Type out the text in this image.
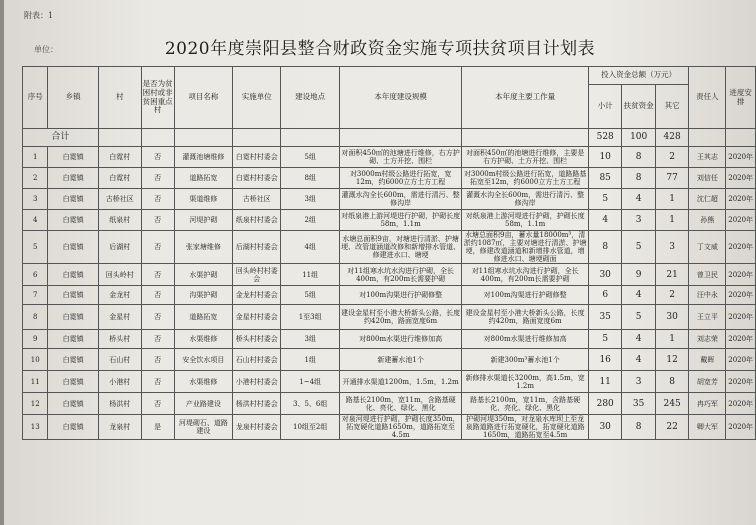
附表：1
2020年度崇阳县整合财政资金实施专项扶贫项目计划表
单位：
序号	乡镇	村	是否为贫困村或非贫困重点村	项目名称	实施单位	建设地点	本年度建设规模	本年度主要工作量	投入资金总额（万元）			责任人	进度安排
									小计	扶贫资金	其它		
合计									528	100	428		
1	白霓镇	白霓村	否	灌溉池塘维修	白霓村村委会	5组	对面积450㎡的池塘进行维修，右方护砌、土方开挖、围栏	对面积450㎡的池塘进行维修，主要是右方护砌、土方开挖、围栏	10	8	2	王其志	2020年
2	白霓镇	白霓村	否	道路拓宽	白霓村村委会	8组	对3000m村级公路进行拓宽，宽12m，约6000立方土方工程	对3000m村级公路进行拓宽，道路路基拓宽至12m，约6000立方土方工程	85	8	77	刘信任	2020年
3	白霓镇	古桥社区	否	渠道维修	古桥社区	3组	灌溉水沟全长600m，需进行清污、整修沟岸	灌溉水沟全长600m，需进行清污、整修沟岸	5	4	1	沈仁超	2020年
4	白霓镇	纸泉村	否	河堤护砌	纸泉村村委会	2组	对纸泉港上游河堤进行护砌，护砌长度58m，1.1m	对纸泉港上游河堤进行护砌，护砌长度58m，1.1m	4	3	1	孙熊	2020年
5	白霓镇	后湖村	否	张家塘维修	后湖村村委会	4组	水塘总面积9亩，对塘进行清淤、护塘埂、改管道涵道改修和新增排水管道、修建进水口、塘埂	水塘总面积9亩，蓄水量18000m³，清淤约1087㎡，主要对塘进行清淤、护塘埂，修建改道涵道和新增排水管道，增修进水口、塘埂砌面	8	5	3	丁文威	2020年
6	白霓镇	回头岭村	否	水渠护砌	回头岭村村委会	11组	对11组寒水坑水沟进行护砌，全长400m，有200m长需要护砌	对11组寒水坑水沟进行护砌，全长400m，有200m长需要护砌	30	9	21	曾卫民	2020年
7	白霓镇	金龙村	否	沟渠护砌	金龙村村委会	5组	对100m沟渠进行护砌修整	对100m沟渠进行护砌修整	6	4	2	汪中永	2020年
8	白霓镇	金星村	否	道路拓宽	金星村村委会	1至3组	建设金星村至小港大桥新头公路，长度约420m，路面宽度6m	建设金星村至小港大桥新头公路，长度约420m，路面宽度6m	35	5	30	王立平	2020年
9	白霓镇	桥头村	否	水渠维修	桥头村村委会	3组	对800m水渠进行维修加高	对800m水渠进行维修加高	5	4	1	刘志荣	2020年
10	白霓镇	石山村	否	安全饮水项目	石山村村委会	1组	新建蓄水池1个	新建300m³蓄水池1个	16	4	12	戴晖	2020年
11	白霓镇	小港村	否	水渠维修	小港村村委会	1~4组	开通排水渠道1200m，1.5m，1.2m	新修排水渠道长3200m，高1.5m，宽1.2m	11	3	8	胡宽芳	2020年
12	白霓镇	杨洪村	否	产业路建设	杨洪村村委会	3、5、6组	路基长2100m，宽11m，含路基硬化、亮化、绿化、黑化	路基长2100m，宽11m，含路基硬化、亮化、绿化、黑化	280	35	245	冉巧军	2020年
13	白霓镇	龙泉村	是	河堤砌石、道路建设	龙泉村村委会	10组至2组	对泉河堤进行护砌，护砌长度350m，拓宽硬化道路1650m，道路拓宽至4.5m	护砌河堤350m，对龙泉水库坝上至龙泉路道路进行拓宽硬化，拓宽硬化道路1650m，道路拓宽至4.5m	30	8	22	卿大军	2020年
